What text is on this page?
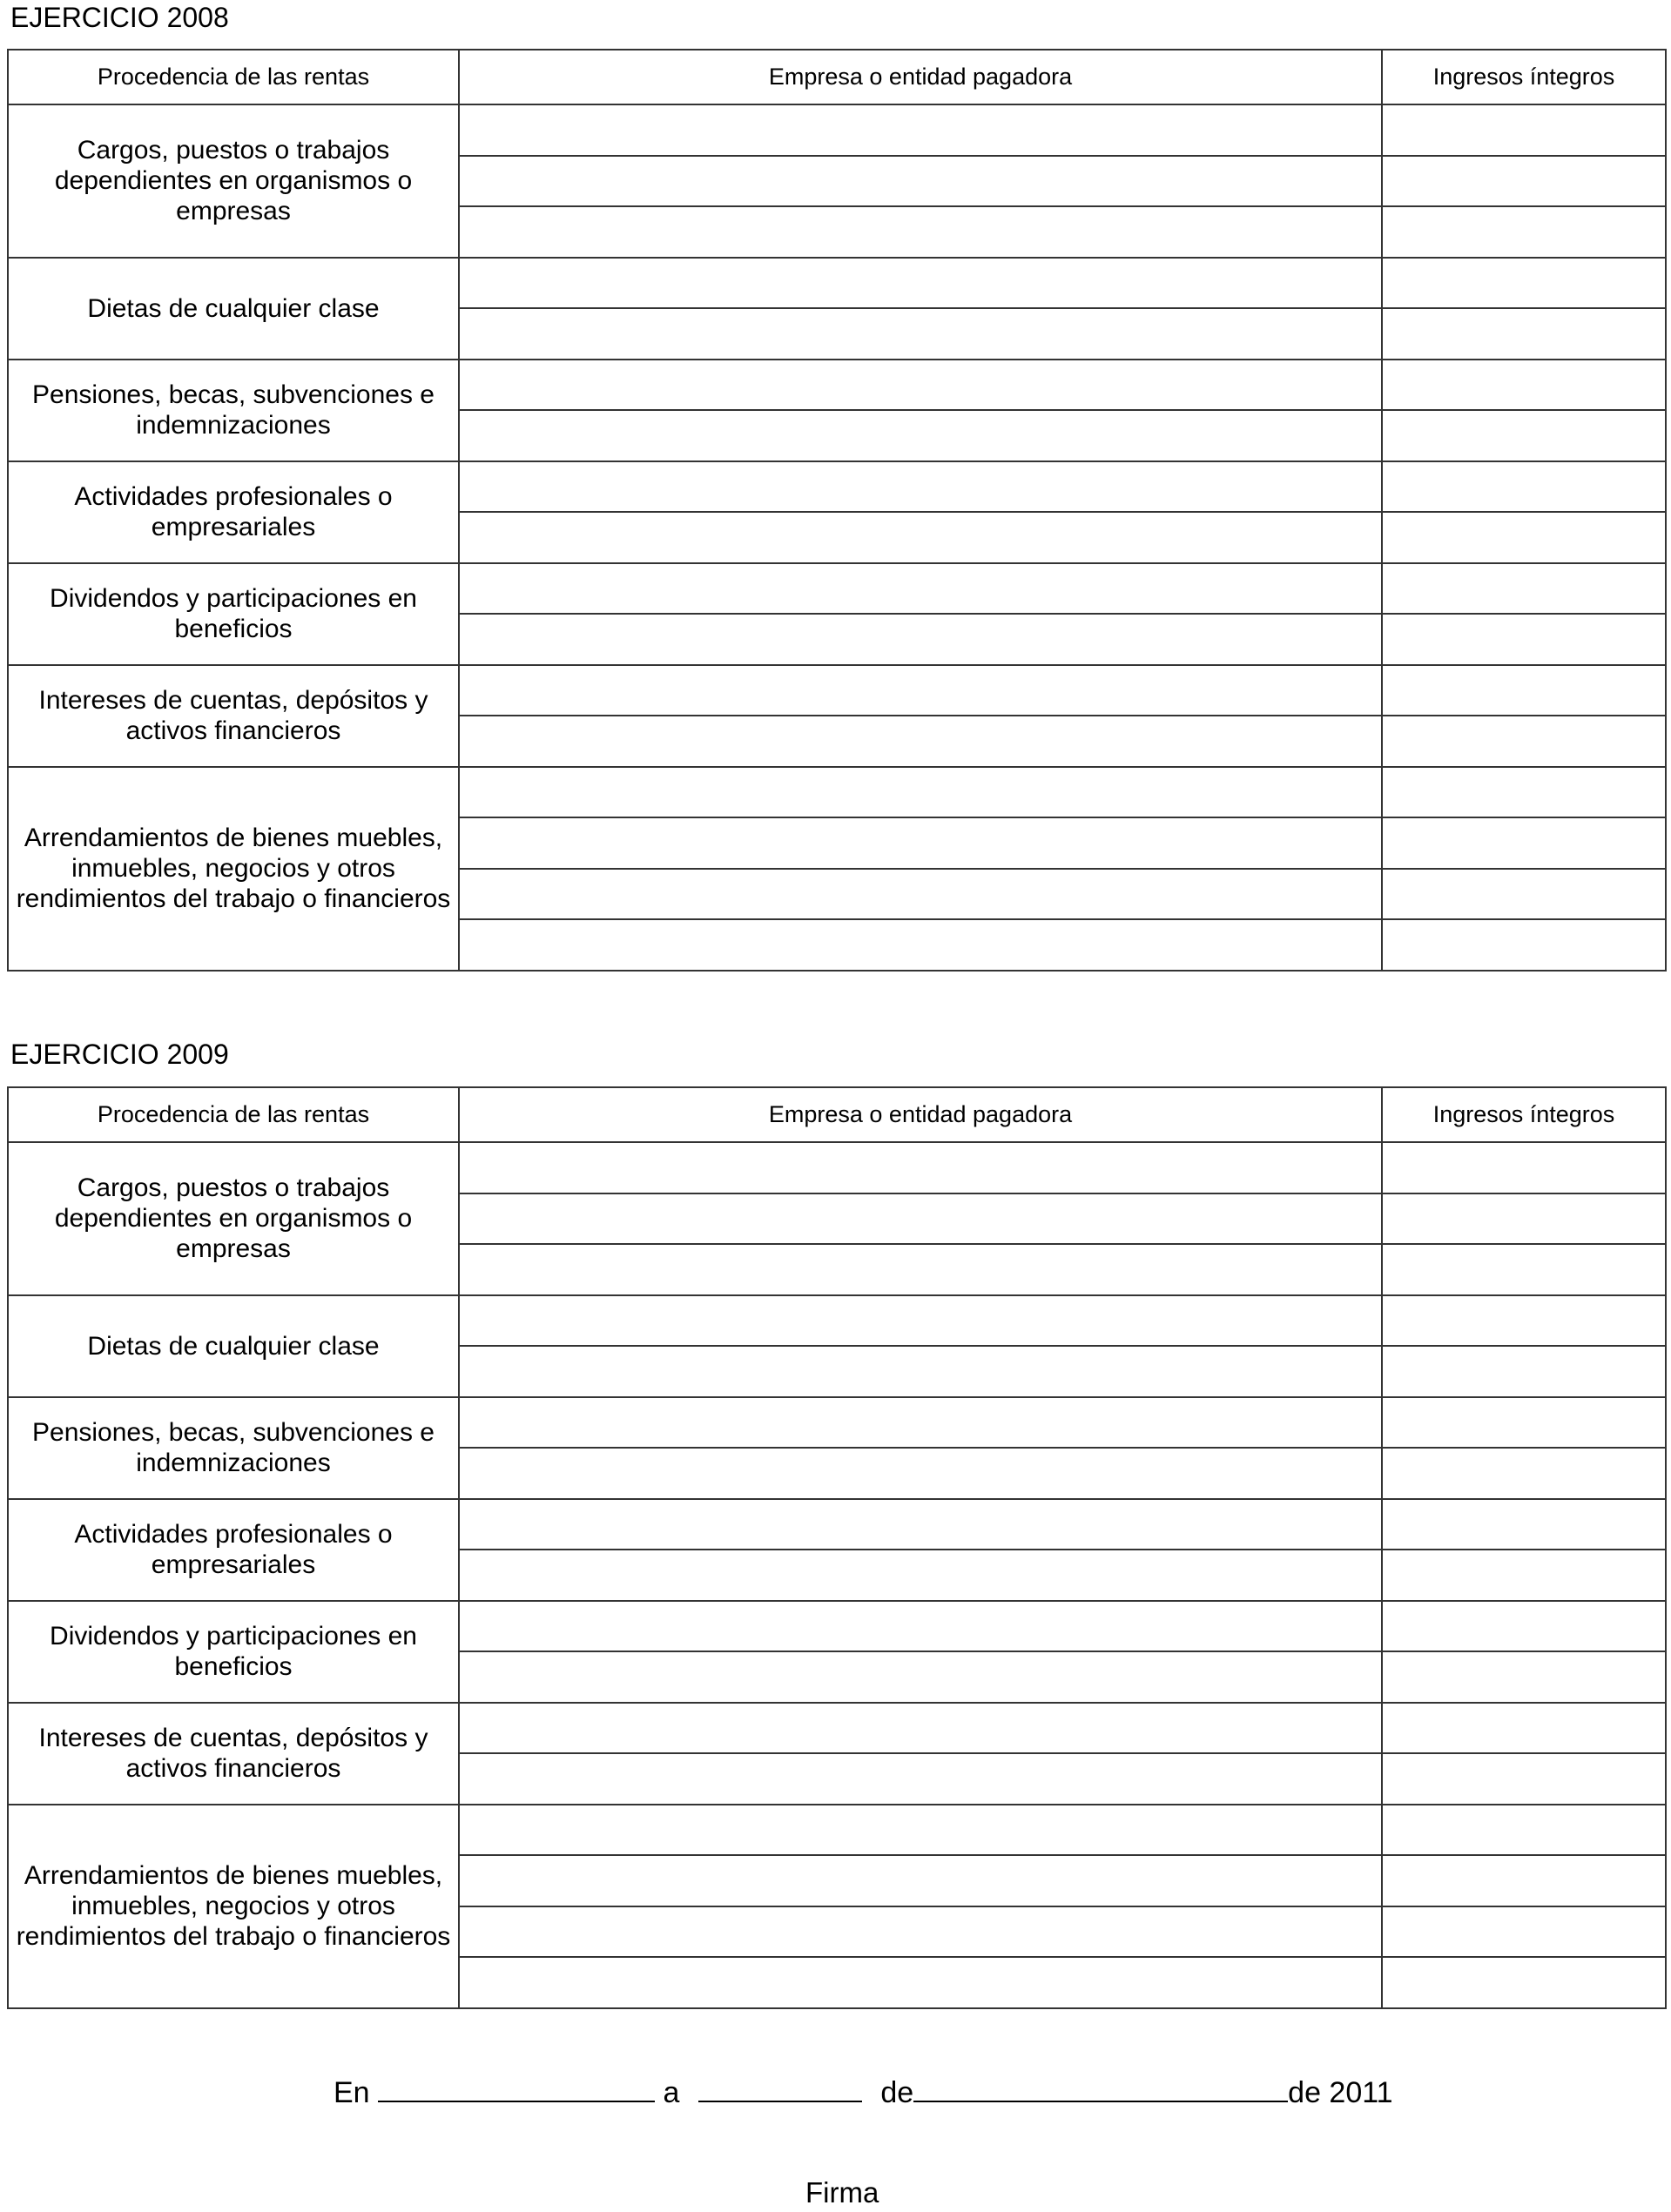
EJERCICIO 2008
Procedencia de las rentas	Empresa o entidad pagadora	Ingresos íntegros
Cargos, puestos o trabajos dependientes en organismos o empresas		

Dietas de cualquier clase		

Pensiones, becas, subvenciones e indemnizaciones		

Actividades profesionales o empresariales		

Dividendos y participaciones en beneficios		

Intereses de cuentas, depósitos y activos financieros		

Arrendamientos de bienes muebles, inmuebles, negocios y otros rendimientos del trabajo o financieros		

EJERCICIO 2009
Procedencia de las rentas	Empresa o entidad pagadora	Ingresos íntegros
Cargos, puestos o trabajos dependientes en organismos o empresas		

Dietas de cualquier clase		

Pensiones, becas, subvenciones e indemnizaciones		

Actividades profesionales o empresariales		

Dividendos y participaciones en beneficios		

Intereses de cuentas, depósitos y activos financieros		

Arrendamientos de bienes muebles, inmuebles, negocios y otros rendimientos del trabajo o financieros		

En	a	de	de 2011
Firma
